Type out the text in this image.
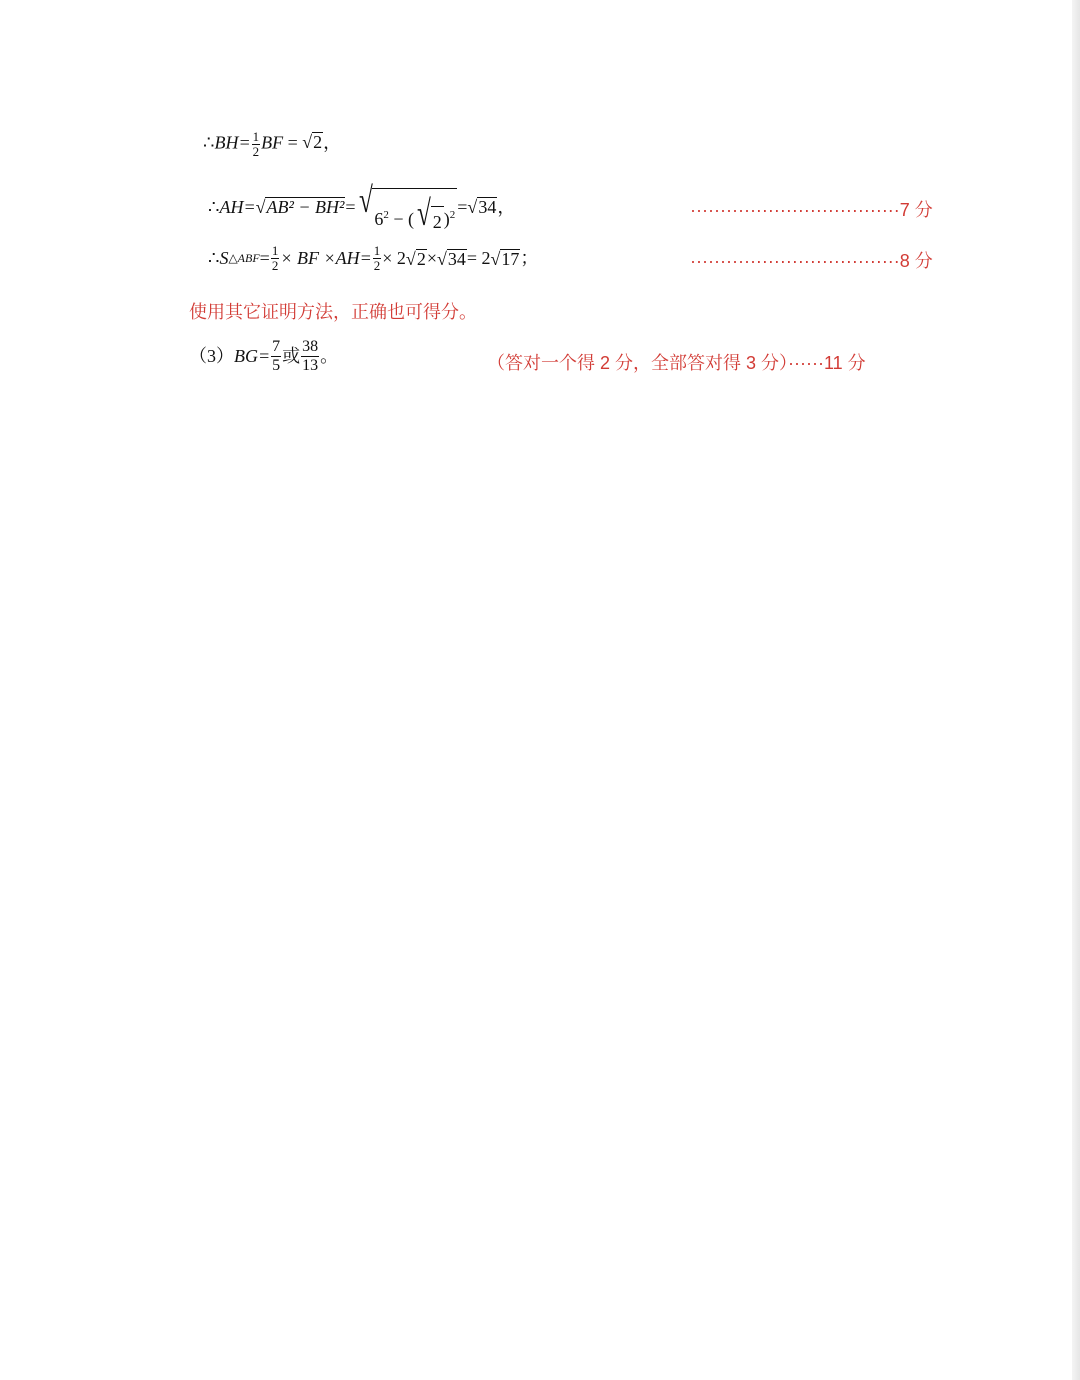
∴BH= $\frac{1}{2}$ BF = √ 2 ，
∴ AH= √ AB² − BH² = √ $6^2$ − ( √ 2 )$^2$ = √ 34 ，	···································7 分
∴ S △ABF = $\frac{1}{2}$ × BF $\times AH= \frac{1}{2} \times 2$ √ 2 × √ 34 = 2 √ 17 ；	···································8 分
使用其它证明方法，正确也可得分。
（3） $BG= \frac{7}{5}$ 或 $\frac{38}{13}$ 。	（答对一个得 2 分，全部答对得 3 分）······11 分
